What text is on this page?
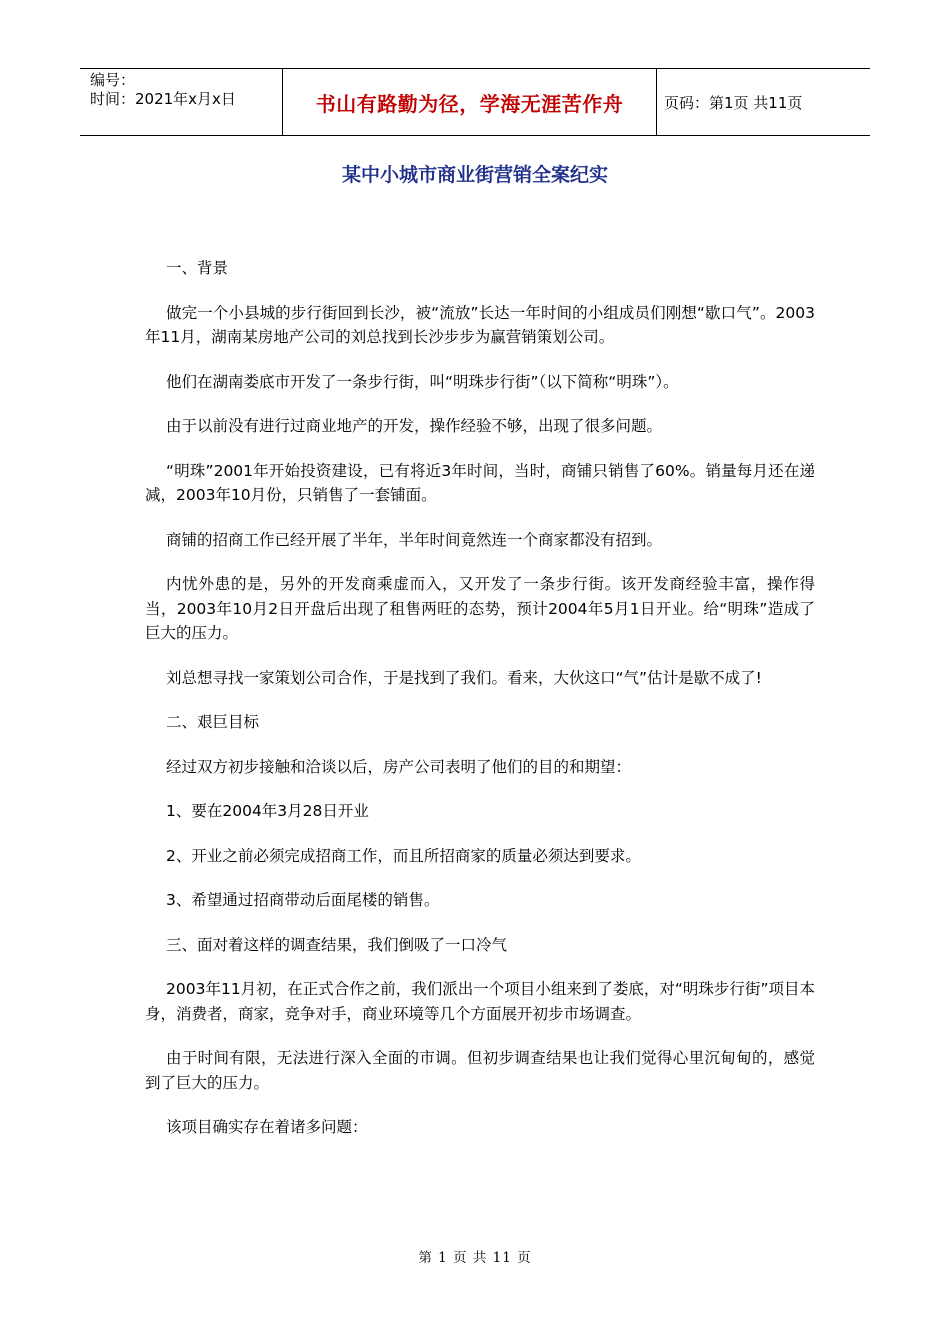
编号：
时间：2021年x月x日	书山有路勤为径，学海无涯苦作舟	页码：第1页 共11页
某中小城市商业街营销全案纪实

一、背景

做完一个小县城的步行街回到长沙，被“流放”长达一年时间的小组成员们刚想“歇口气”。2003年11月，湖南某房地产公司的刘总找到长沙步步为赢营销策划公司。

他们在湖南娄底市开发了一条步行街，叫“明珠步行街”（以下简称“明珠”）。

由于以前没有进行过商业地产的开发，操作经验不够，出现了很多问题。

“明珠”2001年开始投资建设，已有将近3年时间，当时，商铺只销售了60%。销量每月还在递减，2003年10月份，只销售了一套铺面。

商铺的招商工作已经开展了半年，半年时间竟然连一个商家都没有招到。

内忧外患的是，另外的开发商乘虚而入，又开发了一条步行街。该开发商经验丰富，操作得当，2003年10月2日开盘后出现了租售两旺的态势，预计2004年5月1日开业。给“明珠”造成了巨大的压力。

刘总想寻找一家策划公司合作，于是找到了我们。看来，大伙这口“气”估计是歇不成了!

二、艰巨目标

经过双方初步接触和洽谈以后，房产公司表明了他们的目的和期望：

1、要在2004年3月28日开业

2、开业之前必须完成招商工作，而且所招商家的质量必须达到要求。

3、希望通过招商带动后面尾楼的销售。

三、面对着这样的调查结果，我们倒吸了一口冷气

2003年11月初，在正式合作之前，我们派出一个项目小组来到了娄底，对“明珠步行街”项目本身，消费者，商家，竞争对手，商业环境等几个方面展开初步市场调查。

由于时间有限，无法进行深入全面的市调。但初步调查结果也让我们觉得心里沉甸甸的，感觉到了巨大的压力。

该项目确实存在着诸多问题：

第 1 页 共 11 页
